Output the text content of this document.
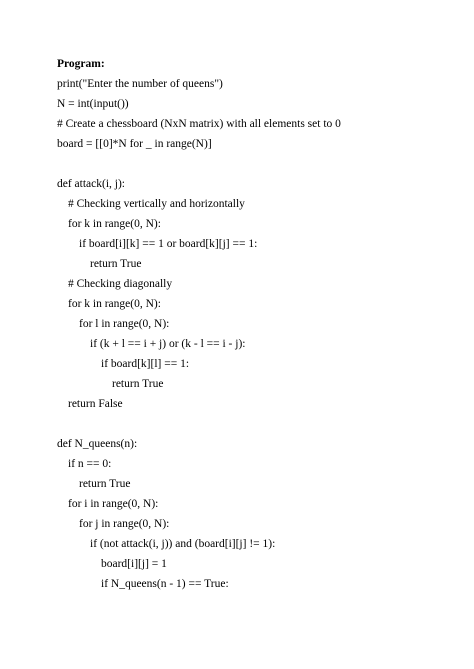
Program:
print("Enter the number of queens")
N = int(input())
# Create a chessboard (NxN matrix) with all elements set to 0
board = [[0]*N for _ in range(N)]
def attack(i, j):
# Checking vertically and horizontally
for k in range(0, N):
if board[i][k] == 1 or board[k][j] == 1:
return True
# Checking diagonally
for k in range(0, N):
for l in range(0, N):
if (k + l == i + j) or (k - l == i - j):
if board[k][l] == 1:
return True
return False
def N_queens(n):
if n == 0:
return True
for i in range(0, N):
for j in range(0, N):
if (not attack(i, j)) and (board[i][j] != 1):
board[i][j] = 1
if N_queens(n - 1) == True:
